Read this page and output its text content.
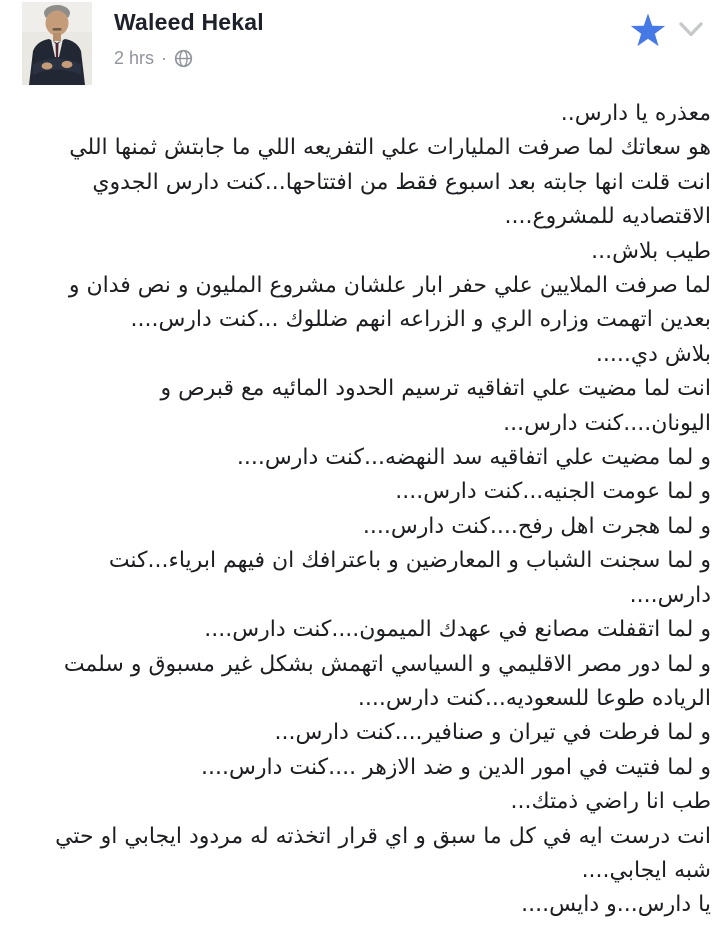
Waleed Hekal
2 hrs ·
معذره يا دارس..
هو سعاتك لما صرفت المليارات علي التفريعه اللي ما جابتش ثمنها اللي
انت قلت انها جابته بعد اسبوع فقط من افتتاحها...كنت دارس الجدوي
الاقتصاديه للمشروع....
طيب بلاش...
لما صرفت الملايين علي حفر ابار علشان مشروع المليون و نص فدان و
بعدين اتهمت وزاره الري و الزراعه انهم ضللوك ...كنت دارس....
بلاش دي.....
انت لما مضيت علي اتفاقيه ترسيم الحدود المائيه مع قبرص و
اليونان....كنت دارس...
و لما مضيت علي اتفاقيه سد النهضه...كنت دارس....
و لما عومت الجنيه...كنت دارس....
و لما هجرت اهل رفح....كنت دارس....
و لما سجنت الشباب و المعارضين و باعترافك ان فيهم ابرياء...كنت
دارس....
و لما اتقفلت مصانع في عهدك الميمون....كنت دارس....
و لما دور مصر الاقليمي و السياسي اتهمش بشكل غير مسبوق و سلمت
الرياده طوعا للسعوديه...كنت دارس....
و لما فرطت في تيران و صنافير....كنت دارس...
و لما فتيت في امور الدين و ضد الازهر ....كنت دارس....
طب انا راضي ذمتك...
انت درست ايه في كل ما سبق و اي قرار اتخذته له مردود ايجابي او حتي
شبه ايجابي....
يا دارس...و دايس....
